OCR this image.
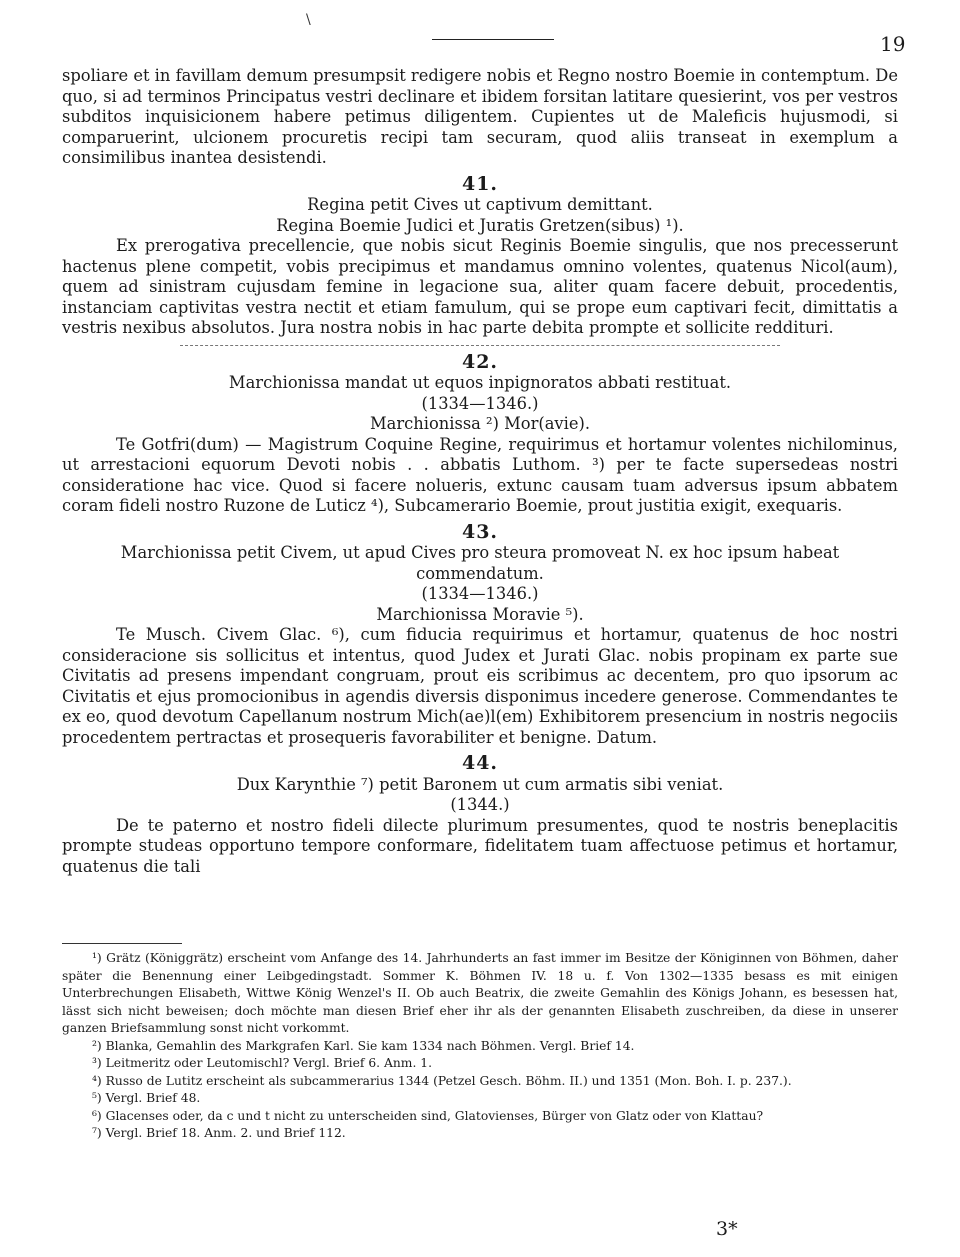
\
19

spoliare et in favillam demum presumpsit redigere nobis et Regno nostro Boemie in contemptum. De quo, si ad terminos Principatus vestri declinare et ibidem forsitan latitare quesierint, vos per vestros subditos inquisicionem habere petimus diligentem. Cupientes ut de Maleficis hujusmodi, si comparuerint, ulcionem procuretis recipi tam securam, quod aliis transeat in exemplum a consimilibus inantea desistendi.

41.

Regina petit Cives ut captivum demittant.

Regina Boemie Judici et Juratis Gretzen(sibus) ¹).

Ex prerogativa precellencie, que nobis sicut Reginis Boemie singulis, que nos precesserunt hactenus plene competit, vobis precipimus et mandamus omnino volentes, quatenus Nicol(aum), quem ad sinistram cujusdam femine in legacione sua, aliter quam facere debuit, procedentis, instanciam captivitas vestra nectit et etiam famulum, qui se prope eum captivari fecit, dimittatis a vestris nexibus absolutos. Jura nostra nobis in hac parte debita prompte et sollicite reddituri.

42.

Marchionissa mandat ut equos inpignoratos abbati restituat.

(1334—1346.)

Marchionissa ²) Mor(avie).

Te Gotfri(dum) — Magistrum Coquine Regine, requirimus et hortamur volentes nichilominus, ut arrestacioni equorum Devoti nobis . . abbatis Luthom. ³) per te facte supersedeas nostri consideratione hac vice. Quod si facere nolueris, extunc causam tuam adversus ipsum abbatem coram fideli nostro Ruzone de Luticz ⁴), Subcamerario Boemie, prout justitia exigit, exequaris.

43.

Marchionissa petit Civem, ut apud Cives pro steura promoveat N. ex hoc ipsum habeat commendatum.

(1334—1346.)

Marchionissa Moravie ⁵).

Te Musch. Civem Glac. ⁶), cum fiducia requirimus et hortamur, quatenus de hoc nostri consideracione sis sollicitus et intentus, quod Judex et Jurati Glac. nobis propinam ex parte sue Civitatis ad presens impendant congruam, prout eis scribimus ac decentem, pro quo ipsorum ac Civitatis et ejus promocionibus in agendis diversis disponimus incedere generose. Commendantes te ex eo, quod devotum Capellanum nostrum Mich(ae)l(em) Exhibitorem presencium in nostris negociis procedentem pertractas et prosequeris favorabiliter et benigne. Datum.

44.

Dux Karynthie ⁷) petit Baronem ut cum armatis sibi veniat.

(1344.)

De te paterno et nostro fideli dilecte plurimum presumentes, quod te nostris beneplacitis prompte studeas opportuno tempore conformare, fidelitatem tuam affectuose petimus et hortamur, quatenus die tali

¹) Grätz (Königgrätz) erscheint vom Anfange des 14. Jahrhunderts an fast immer im Besitze der Königinnen von Böhmen, daher später die Benennung einer Leibgedingstadt. Sommer K. Böhmen IV. 18 u. f. Von 1302—1335 besass es mit einigen Unterbrechungen Elisabeth, Wittwe König Wenzel's II. Ob auch Beatrix, die zweite Gemahlin des Königs Johann, es besessen hat, lässt sich nicht beweisen; doch möchte man diesen Brief eher ihr als der genannten Elisabeth zuschreiben, da diese in unserer ganzen Briefsammlung sonst nicht vorkommt.

²) Blanka, Gemahlin des Markgrafen Karl. Sie kam 1334 nach Böhmen. Vergl. Brief 14.

³) Leitmeritz oder Leutomischl? Vergl. Brief 6. Anm. 1.

⁴) Russo de Lutitz erscheint als subcammerarius 1344 (Petzel Gesch. Böhm. II.) und 1351 (Mon. Boh. I. p. 237.).

⁵) Vergl. Brief 48.

⁶) Glacenses oder, da c und t nicht zu unterscheiden sind, Glatovienses, Bürger von Glatz oder von Klattau?

⁷) Vergl. Brief 18. Anm. 2. und Brief 112.

3*
